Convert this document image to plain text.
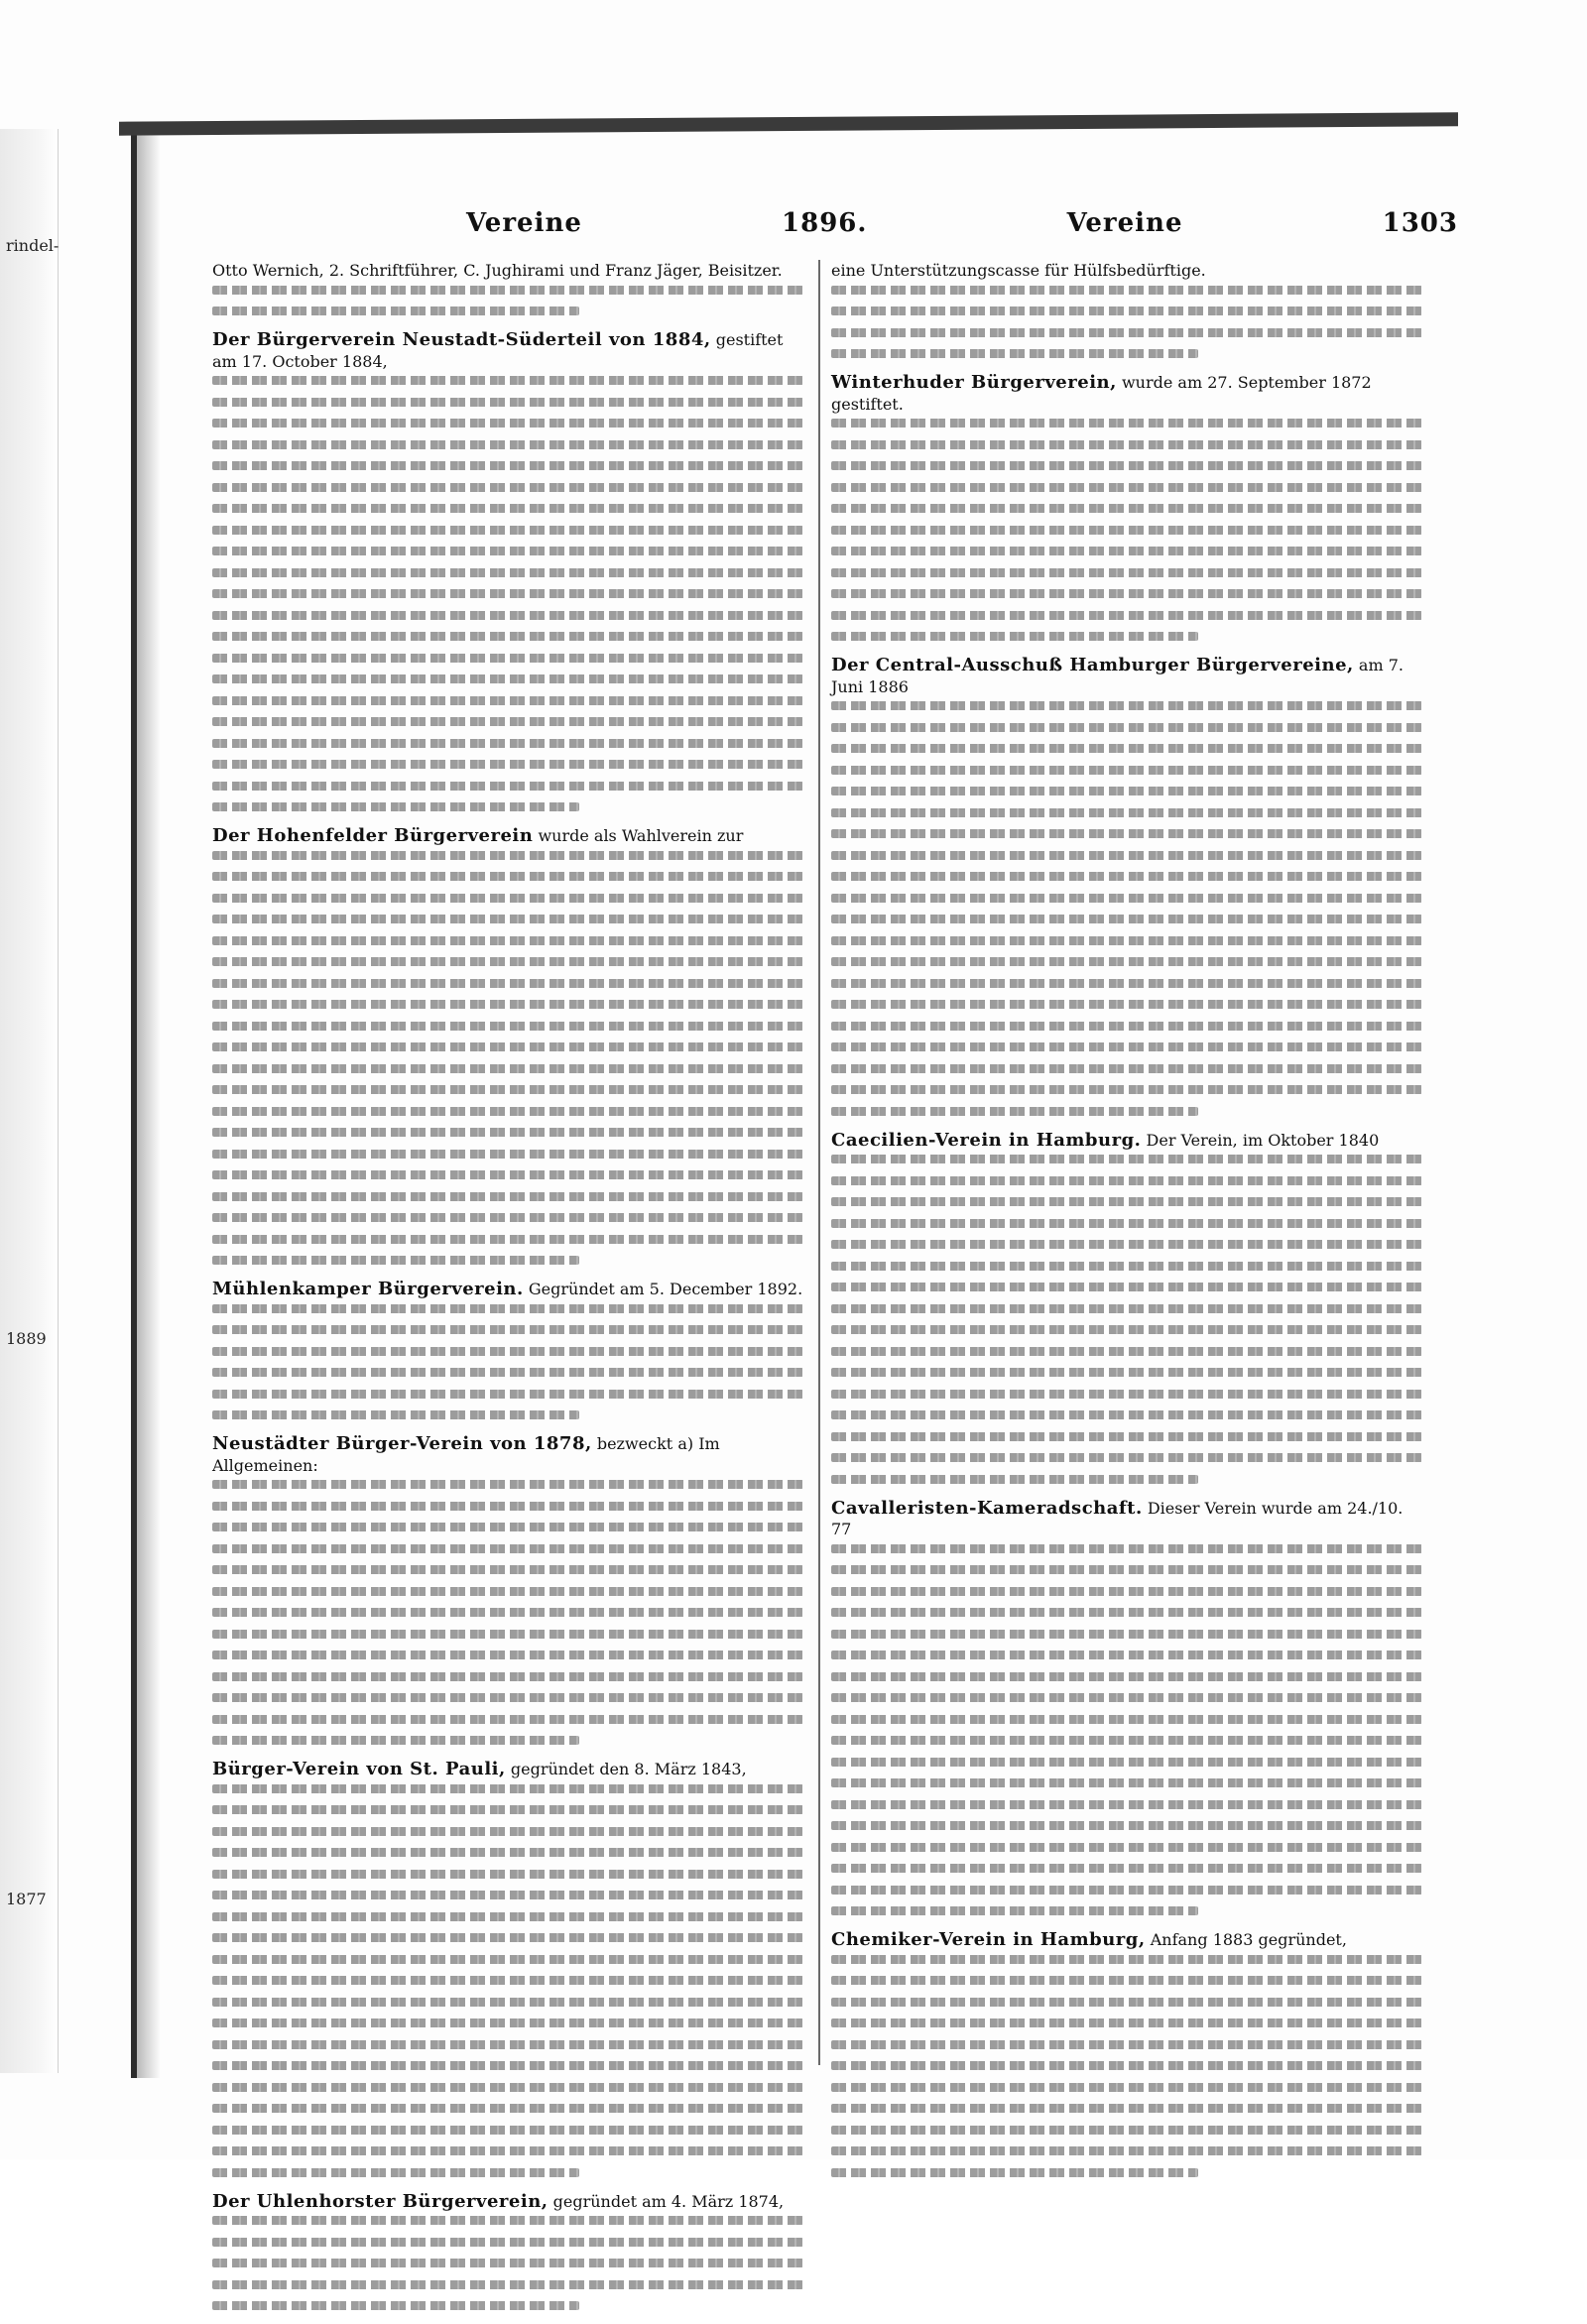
rindel-
1889
1877
Vereine	1896.	Vereine	1303
Otto Wernich, 2. Schriftführer, C. Jughirami und Franz Jäger, Beisitzer.
Der Bürgerverein Neustadt-Süderteil von 1884, gestiftet am 17. October 1884,
Der Hohenfelder Bürgerverein wurde als Wahlverein zur
Mühlenkamper Bürgerverein. Gegründet am 5. December 1892.
Neustädter Bürger-Verein von 1878, bezweckt a) Im Allgemeinen:
Bürger-Verein von St. Pauli, gegründet den 8. März 1843,
Der Uhlenhorster Bürgerverein, gegründet am 4. März 1874,
eine Unterstützungscasse für Hülfsbedürftige.
Winterhuder Bürgerverein, wurde am 27. September 1872 gestiftet.
Der Central-Ausschuß Hamburger Bürgervereine, am 7. Juni 1886
Caecilien-Verein in Hamburg. Der Verein, im Oktober 1840
Cavalleristen-Kameradschaft. Dieser Verein wurde am 24./10. 77
Chemiker-Verein in Hamburg, Anfang 1883 gegründet,
